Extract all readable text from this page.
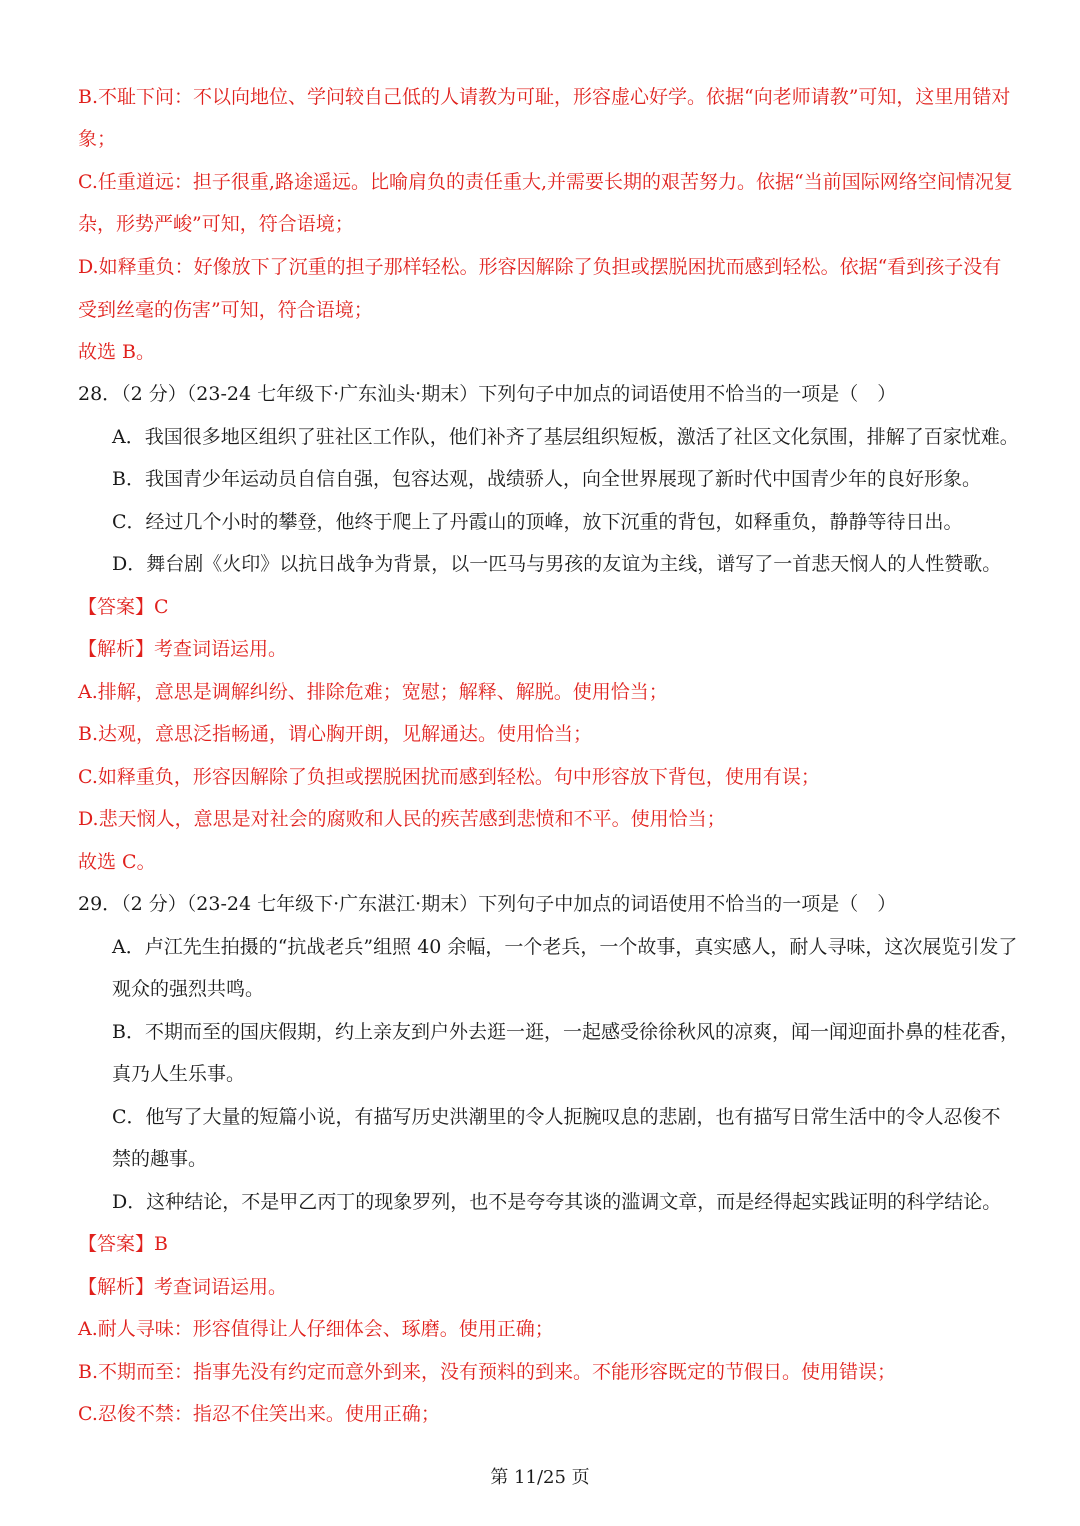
B.不耻下问：不以向地位、学问较自己低的人请教为可耻，形容虚心好学。依据“向老师请教”可知，这里用错对
象；
C.任重道远：担子很重,路途遥远。比喻肩负的责任重大,并需要长期的艰苦努力。依据“当前国际网络空间情况复
杂，形势严峻”可知，符合语境；
D.如释重负：好像放下了沉重的担子那样轻松。形容因解除了负担或摆脱困扰而感到轻松。依据“看到孩子没有
受到丝毫的伤害”可知，符合语境；
故选 B。
28．（2 分）（23-24 七年级下·广东汕头·期末）下列句子中加点的词语使用不恰当的一项是（　）
A．我国很多地区组织了驻社区工作队，他们补齐了基层组织短板，激活了社区文化氛围，排解了百家忧难。
B．我国青少年运动员自信自强，包容达观，战绩骄人，向全世界展现了新时代中国青少年的良好形象。
C．经过几个小时的攀登，他终于爬上了丹霞山的顶峰，放下沉重的背包，如释重负，静静等待日出。
D．舞台剧《火印》以抗日战争为背景，以一匹马与男孩的友谊为主线，谱写了一首悲天悯人的人性赞歌。
【答案】C
【解析】考查词语运用。
A.排解，意思是调解纠纷、排除危难；宽慰；解释、解脱。使用恰当；
B.达观，意思泛指畅通，谓心胸开朗，见解通达。使用恰当；
C.如释重负，形容因解除了负担或摆脱困扰而感到轻松。句中形容放下背包，使用有误；
D.悲天悯人，意思是对社会的腐败和人民的疾苦感到悲愤和不平。使用恰当；
故选 C。
29．（2 分）（23-24 七年级下·广东湛江·期末）下列句子中加点的词语使用不恰当的一项是（　）
A．卢江先生拍摄的“抗战老兵”组照 40 余幅，一个老兵，一个故事，真实感人，耐人寻味，这次展览引发了
观众的强烈共鸣。
B．不期而至的国庆假期，约上亲友到户外去逛一逛，一起感受徐徐秋风的凉爽，闻一闻迎面扑鼻的桂花香，
真乃人生乐事。
C．他写了大量的短篇小说，有描写历史洪潮里的令人扼腕叹息的悲剧，也有描写日常生活中的令人忍俊不
禁的趣事。
D．这种结论，不是甲乙丙丁的现象罗列，也不是夸夸其谈的滥调文章，而是经得起实践证明的科学结论。
【答案】B
【解析】考查词语运用。
A.耐人寻味：形容值得让人仔细体会、琢磨。使用正确；
B.不期而至：指事先没有约定而意外到来，没有预料的到来。不能形容既定的节假日。使用错误；
C.忍俊不禁：指忍不住笑出来。使用正确；
第 11/25 页
